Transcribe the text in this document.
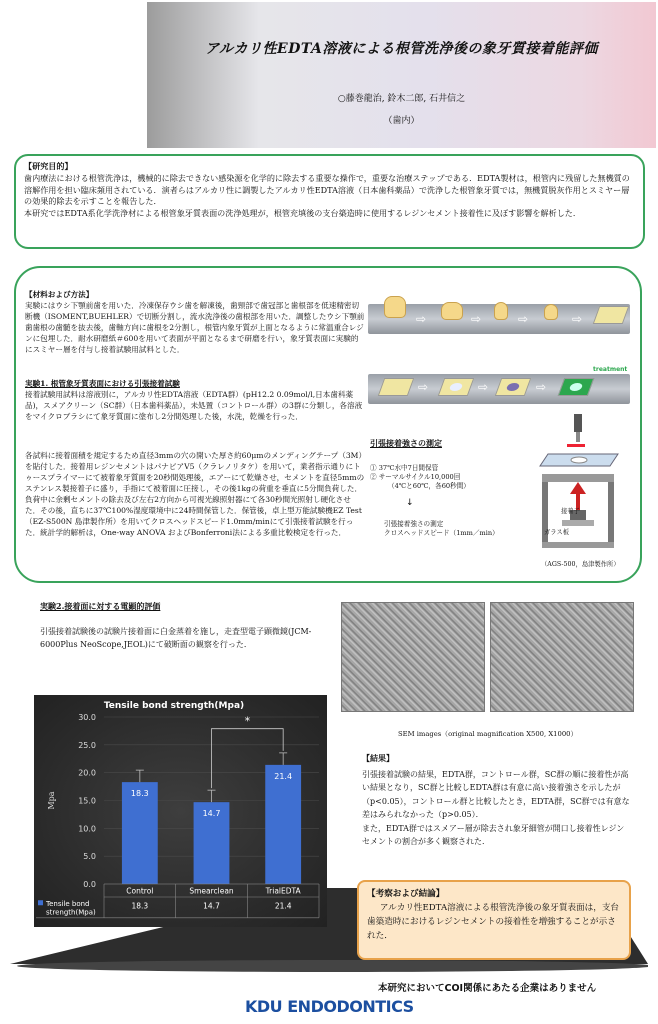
アルカリ性EDTA溶液による根管洗浄後の象牙質接着能評価
○藤巻龍治, 鈴木二郎, 石井信之
（歯内）
【研究目的】
歯内療法における根管洗浄は，機械的に除去できない感染源を化学的に除去する重要な操作で，重要な治療ステップである．EDTA製材は，根管内に残留した無機質の溶解作用を担い臨床頻用されている．演者らはアルカリ性に調製したアルカリ性EDTA溶液（日本歯科薬品）で洗浄した根管象牙質では，無機質脱灰作用とスミヤー層の効果的除去を示すことを報告した．
本研究ではEDTA系化学洗浄材による根管象牙質表面の洗浄処理が，根管充填後の支台築造時に使用するレジンセメント接着性に及ぼす影響を解析した．

【材料および方法】

実験にはウシ下顎前歯を用いた．冷凍保存ウシ歯を解凍後，歯頸部で歯冠部と歯根部を低速精密切断機（ISOMENT,BUEHLER）で切断分割し，流水洗浄後の歯根部を用いた．調整したウシ下顎前歯歯根の歯髄を抜去後，歯軸方向に歯根を2分割し，根管内象牙質が上面となるように常温重合レジンに包埋した．耐水研磨紙＃600を用いて表面が平面となるまで研磨を行い，象牙質表面に実験的にスミヤー層を付与し接着試験用試料とした．

実験1. 根管象牙質表面における引張接着試験

接着試験用試料は溶液別に，アルカリ性EDTA溶液（EDTA群）(pH12.2 0.09mol/l,日本歯科薬品)，スメアクリーン（SC群）（日本歯科薬品），未処置（コントロール群）の3群に分類し，各溶液をマイクロブラシにて象牙質面に塗布し2分間処理した後，水洗，乾燥を行った．

各試料に接着面積を規定するため直径3mmの穴の開いた厚さ約60μmのメンディングテープ（3M）を貼付した．接着用レジンセメントはパナビアV5（クラレノリタケ）を用いて，業者指示通りにトゥースプライマーにて被着象牙質面を20秒間処理後，エアーにて乾燥させ，セメントを直径5mmのステンレス製接着子に盛り，手指にて被着面に圧接し，その後1kgの荷重を垂直に5分間負荷した．負荷中に余剰セメントの除去及び左右2方向から可視光線照射器にて各30秒間光照射し硬化させた．その後，直ちに37℃100%湿度環境中に24時間保管した．保管後，卓上型万能試験機EZ Test（EZ-S500N 島津製作所）を用いてクロスヘッドスピード1.0mm/minにて引張接着試験を行った．統計学的解析は，One-way ANOVA およびBonferroni法による多重比較検定を行った．

⇨	⇨	⇨	⇨
⇨	⇨	⇨
treatment
引張接着強さの測定
① 37℃水中7日間保管
② サーマルサイクル10,000回
（4℃と60℃，各60秒間）
↓
引張接着強さの測定
クロスヘッドスピード（1mm／min）
接着子
ガラス板
（AGS-500，島津製作所）
実験2.接着面に対する電顕的評価
引張接着試験後の試験片接着面に白金蒸着を施し，走査型電子顕微鏡(JCM-6000Plus NeoScope,JEOL)にて破断面の観察を行った．
SEM images（original magnification X500, X1000）
Tensile bond strength(Mpa)
0.0
5.0
10.0
15.0
20.0
25.0
30.0
Mpa	18.3
14.7
21.4
*
Control
18.3
Smearclean
14.7
TrialEDTA
21.4
Tensile bond
strength(Mpa)
【結果】
引張接着試験の結果，EDTA群，コントロール群，SC群の順に接着性が高い結果となり，SC群と比較しEDTA群は有意に高い接着強さを示したが（p<0.05），コントロール群と比較したとき，EDTA群，SC群では有意な差はみられなかった（p>0.05）．
また，EDTA群ではスメアー層が除去され象牙細管が開口し接着性レジンセメントの割合が多く観察された．
【考察および結論】
アルカリ性EDTA溶液による根管洗浄後の象牙質表面は，支台歯築造時におけるレジンセメントの接着性を増強することが示された．
本研究においてCOI関係にあたる企業はありません
KDU ENDODONTICS
